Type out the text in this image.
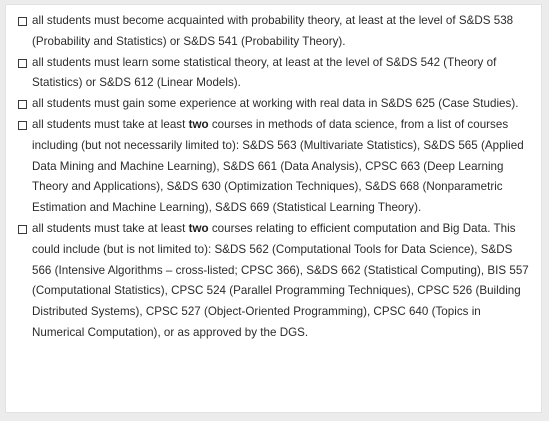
all students must become acquainted with probability theory, at least at the level of S&DS 538 (Probability and Statistics) or S&DS 541 (Probability Theory).
all students must learn some statistical theory, at least at the level of S&DS 542 (Theory of Statistics) or S&DS 612 (Linear Models).
all students must gain some experience at working with real data in S&DS 625 (Case Studies).
all students must take at least two courses in methods of data science, from a list of courses including (but not necessarily limited to): S&DS 563 (Multivariate Statistics), S&DS 565 (Applied Data Mining and Machine Learning), S&DS 661 (Data Analysis), CPSC 663 (Deep Learning Theory and Applications), S&DS 630 (Optimization Techniques), S&DS 668 (Nonparametric Estimation and Machine Learning), S&DS 669 (Statistical Learning Theory).
all students must take at least two courses relating to efficient computation and Big Data. This could include (but is not limited to): S&DS 562 (Computational Tools for Data Science), S&DS 566 (Intensive Algorithms – cross-listed; CPSC 366), S&DS 662 (Statistical Computing), BIS 557 (Computational Statistics), CPSC 524 (Parallel Programming Techniques), CPSC 526 (Building Distributed Systems), CPSC 527 (Object-Oriented Programming), CPSC 640 (Topics in Numerical Computation), or as approved by the DGS.
